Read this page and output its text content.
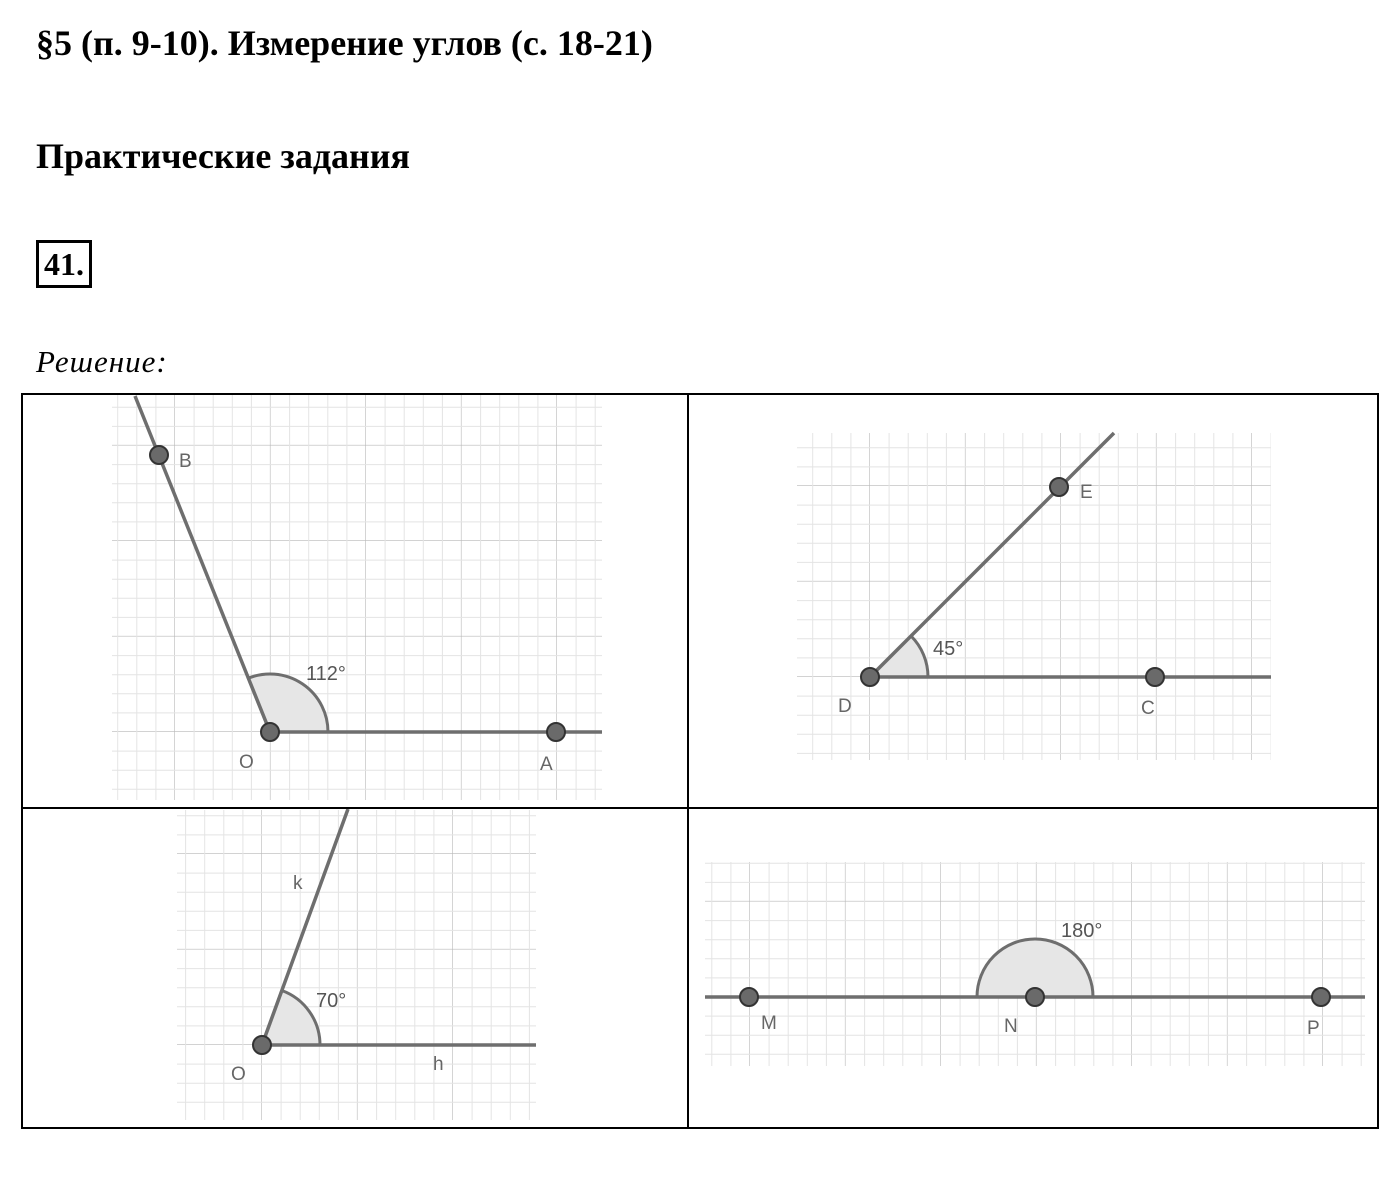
§5 (п. 9-10). Измерение углов (с. 18-21)
Практические задания
41.
Решение:
B
O	A
112°
E
D	C
45°
O
k
h
70°
M	N	P
180°
